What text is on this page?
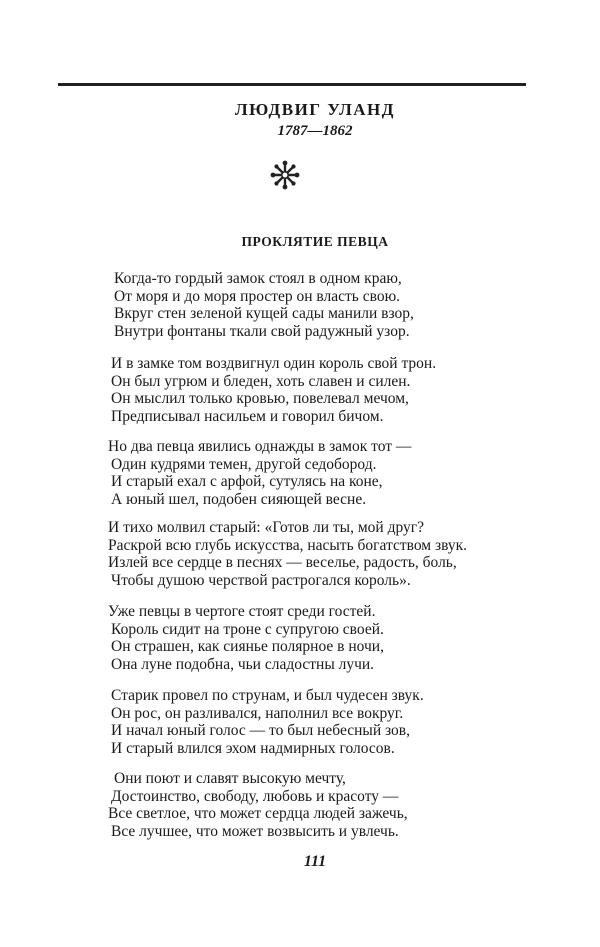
ЛЮДВИГ УЛАНД
1787—1862
ПРОКЛЯТИЕ ПЕВЦА
Когда-то гордый замок стоял в одном краю,
От моря и до моря простер он власть свою.
Вкруг стен зеленой кущей сады манили взор,
Внутри фонтаны ткали свой радужный узор.
И в замке том воздвигнул один король свой трон.
Он был угрюм и бледен, хоть славен и силен.
Он мыслил только кровью, повелевал мечом,
Предписывал насильем и говорил бичом.
Но два певца явились однажды в замок тот —
Один кудрями темен, другой седобород.
И старый ехал с арфой, сутулясь на коне,
А юный шел, подобен сияющей весне.
И тихо молвил старый: «Готов ли ты, мой друг?
Раскрой всю глубь искусства, насыть богатством звук.
Излей все сердце в песнях — веселье, радость, боль,
Чтобы душою черствой растрогался король».
Уже певцы в чертоге стоят среди гостей.
Король сидит на троне с супругою своей.
Он страшен, как сиянье полярное в ночи,
Она луне подобна, чьи сладостны лучи.
Старик провел по струнам, и был чудесен звук.
Он рос, он разливался, наполнил все вокруг.
И начал юный голос — то был небесный зов,
И старый влился эхом надмирных голосов.
Они поют и славят высокую мечту,
Достоинство, свободу, любовь и красоту —
Все светлое, что может сердца людей зажечь,
Все лучшее, что может возвысить и увлечь.
111
